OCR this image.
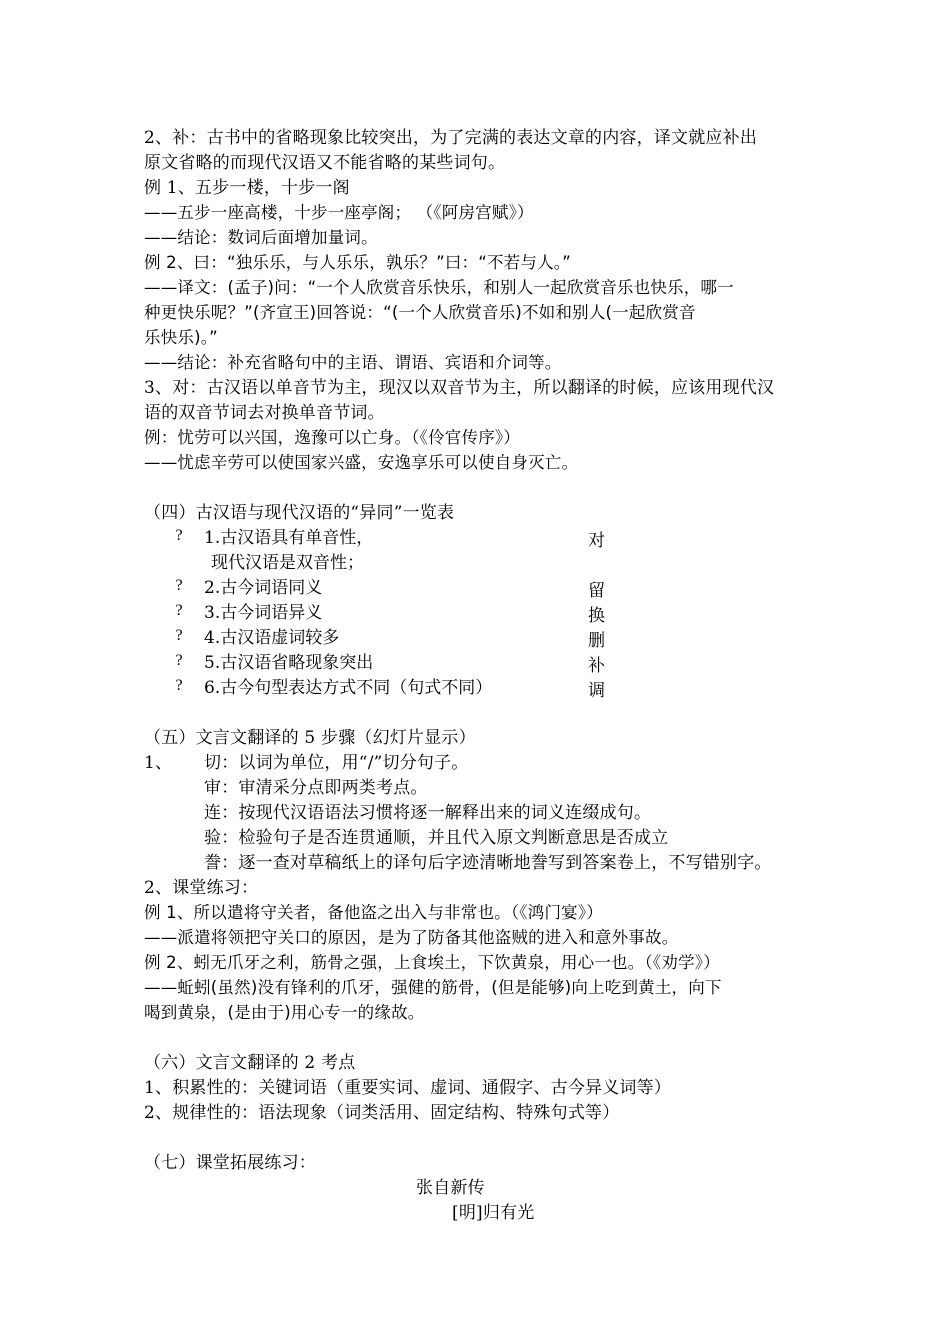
2、补：古书中的省略现象比较突出，为了完满的表达文章的内容，译文就应补出
原文省略的而现代汉语又不能省略的某些词句。
例 1、五步一楼，十步一阁
——五步一座高楼，十步一座亭阁； （《阿房宫赋》）
——结论：数词后面增加量词。
例 2、曰：“独乐乐，与人乐乐，孰乐？”曰：“不若与人。”
——译文：(孟子)问：“一个人欣赏音乐快乐，和别人一起欣赏音乐也快乐，哪一
种更快乐呢？”(齐宣王)回答说：“(一个人欣赏音乐)不如和别人(一起欣赏音
乐快乐)。”
——结论：补充省略句中的主语、谓语、宾语和介词等。
3、对：古汉语以单音节为主，现汉以双音节为主，所以翻译的时候，应该用现代汉
语的双音节词去对换单音节词。
例：忧劳可以兴国，逸豫可以亡身。（《伶官传序》）
——忧虑辛劳可以使国家兴盛，安逸享乐可以使自身灭亡。
（四）古汉语与现代汉语的“异同”一览表
? 1.古汉语具有单音性，	对
现代汉语是双音性；
? 2.古今词语同义	留
? 3.古今词语异义	换
? 4.古汉语虚词较多	删
? 5.古汉语省略现象突出	补
? 6.古今句型表达方式不同（句式不同）	调
（五）文言文翻译的 5 步骤（幻灯片显示）
1、 切：以词为单位，用“/”切分句子。
审：审清采分点即两类考点。
连：按现代汉语语法习惯将逐一解释出来的词义连缀成句。
验：检验句子是否连贯通顺，并且代入原文判断意思是否成立
誊：逐一查对草稿纸上的译句后字迹清晰地誊写到答案卷上，不写错别字。
2、课堂练习：
例 1、所以遣将守关者，备他盗之出入与非常也。（《鸿门宴》）
——派遣将领把守关口的原因，是为了防备其他盗贼的进入和意外事故。
例 2、蚓无爪牙之利，筋骨之强，上食埃土，下饮黄泉，用心一也。（《劝学》）
——蚯蚓(虽然)没有锋利的爪牙，强健的筋骨，(但是能够)向上吃到黄土，向下
喝到黄泉，(是由于)用心专一的缘故。
（六）文言文翻译的 2 考点
1、积累性的：关键词语（重要实词、虚词、通假字、古今异义词等）
2、规律性的：语法现象（词类活用、固定结构、特殊句式等）
（七）课堂拓展练习：
张自新传
[明]归有光
